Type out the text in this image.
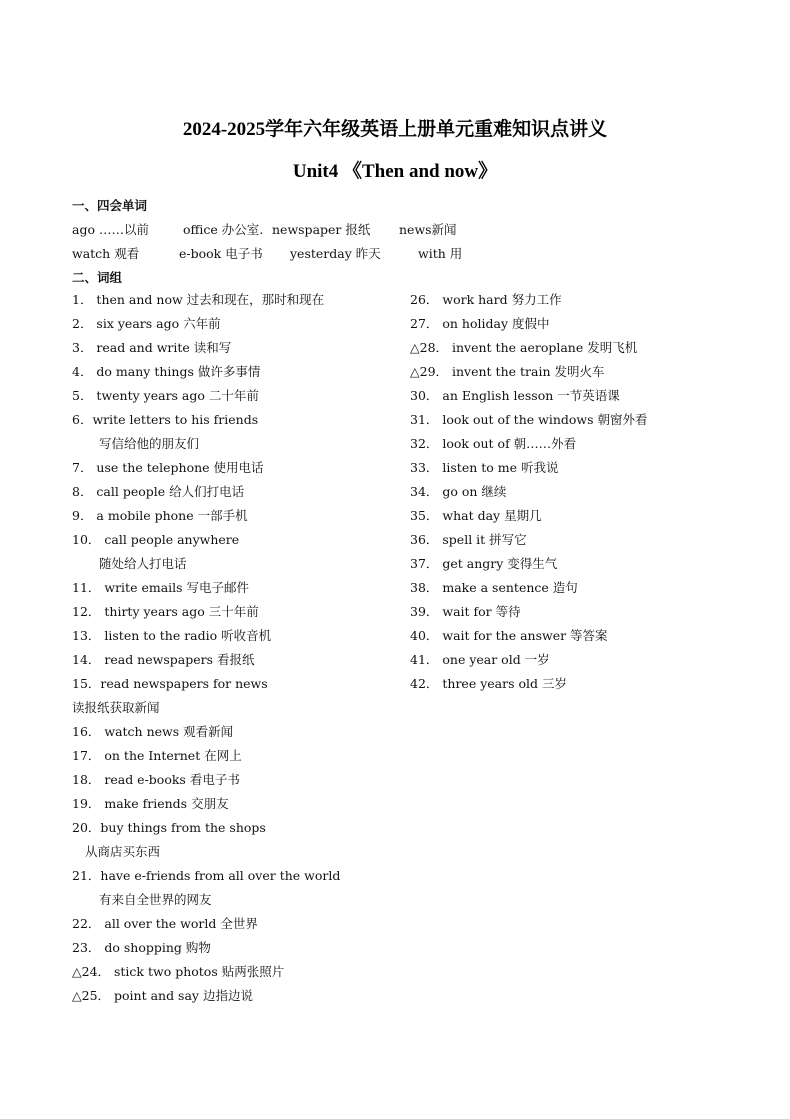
2024-2025学年六年级英语上册单元重难知识点讲义
Unit4 《Then and now》
一、四会单词
ago ……以前	office 办公室. newspaper 报纸 news新闻
watch 观看	e-book 电子书 yesterday 昨天	with 用
二、词组
1． then and now 过去和现在，那时和现在
2． six years ago 六年前
3． read and write 读和写
4． do many things 做许多事情
5． twenty years ago 二十年前
6．write letters to his friends
写信给他的朋友们
7． use the telephone 使用电话
8． call people 给人们打电话
9． a mobile phone 一部手机
10． call people anywhere
随处给人打电话
11． write emails 写电子邮件
12． thirty years ago 三十年前
13． listen to the radio 听收音机
14． read newspapers 看报纸
15．read newspapers for news
读报纸获取新闻
16． watch news 观看新闻
17． on the Internet 在网上
18． read e-books 看电子书
19． make friends 交朋友
20．buy things from the shops
从商店买东西
21．have e-friends from all over the world
有来自全世界的网友
22． all over the world 全世界
23． do shopping 购物
△24． stick two photos 贴两张照片
△25． point and say 边指边说
26． work hard 努力工作
27． on holiday 度假中
△28． invent the aeroplane 发明飞机
△29． invent the train 发明火车
30． an English lesson 一节英语课
31． look out of the windows 朝窗外看
32． look out of 朝……外看
33． listen to me 听我说
34． go on 继续
35． what day 星期几
36． spell it 拼写它
37． get angry 变得生气
38． make a sentence 造句
39． wait for 等待
40． wait for the answer 等答案
41． one year old 一岁
42． three years old 三岁
